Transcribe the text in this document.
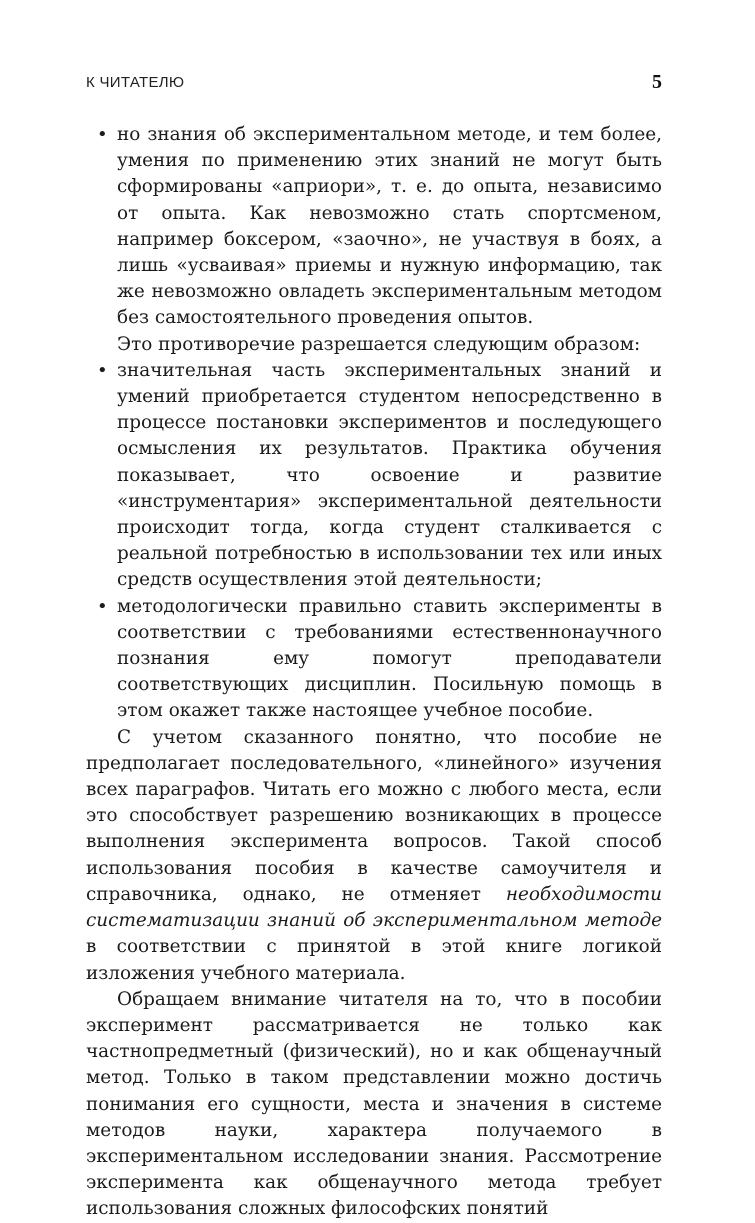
К ЧИТАТЕЛЮ	5

• но знания об экспериментальном методе, и тем более, умения по применению этих знаний не могут быть сформированы «априори», т. е. до опыта, независимо от опыта. Как невозможно стать спортсменом, например боксером, «заочно», не участвуя в боях, а лишь «усваивая» приемы и нужную информацию, так же невозможно овладеть экспериментальным методом без самостоятельного проведения опытов.

Это противоречие разрешается следующим образом:

• значительная часть экспериментальных знаний и умений приобретается студентом непосредственно в процессе постановки экспериментов и последующего осмысления их результатов. Практика обучения показывает, что освоение и развитие «инструментария» экспериментальной деятельности происходит тогда, когда студент сталкивается с реальной потребностью в использовании тех или иных средств осуществления этой деятельности;

• методологически правильно ставить эксперименты в соответствии с требованиями естественнонаучного познания ему помогут преподаватели соответствующих дисциплин. Посильную помощь в этом окажет также настоящее учебное пособие.

С учетом сказанного понятно, что пособие не предполагает последовательного, «линейного» изучения всех параграфов. Читать его можно с любого места, если это способствует разрешению возникающих в процессе выполнения эксперимента вопросов. Такой способ использования пособия в качестве самоучителя и справочника, однако, не отменяет необходимости систематизации знаний об экспериментальном методе в соответствии с принятой в этой книге логикой изложения учебного материала.

Обращаем внимание читателя на то, что в пособии эксперимент рассматривается не только как частнопредметный (физический), но и как общенаучный метод. Только в таком представлении можно достичь понимания его сущности, места и значения в системе методов науки, характера получаемого в экспериментальном исследовании знания. Рассмотрение эксперимента как общенаучного метода требует использования сложных философских понятий
